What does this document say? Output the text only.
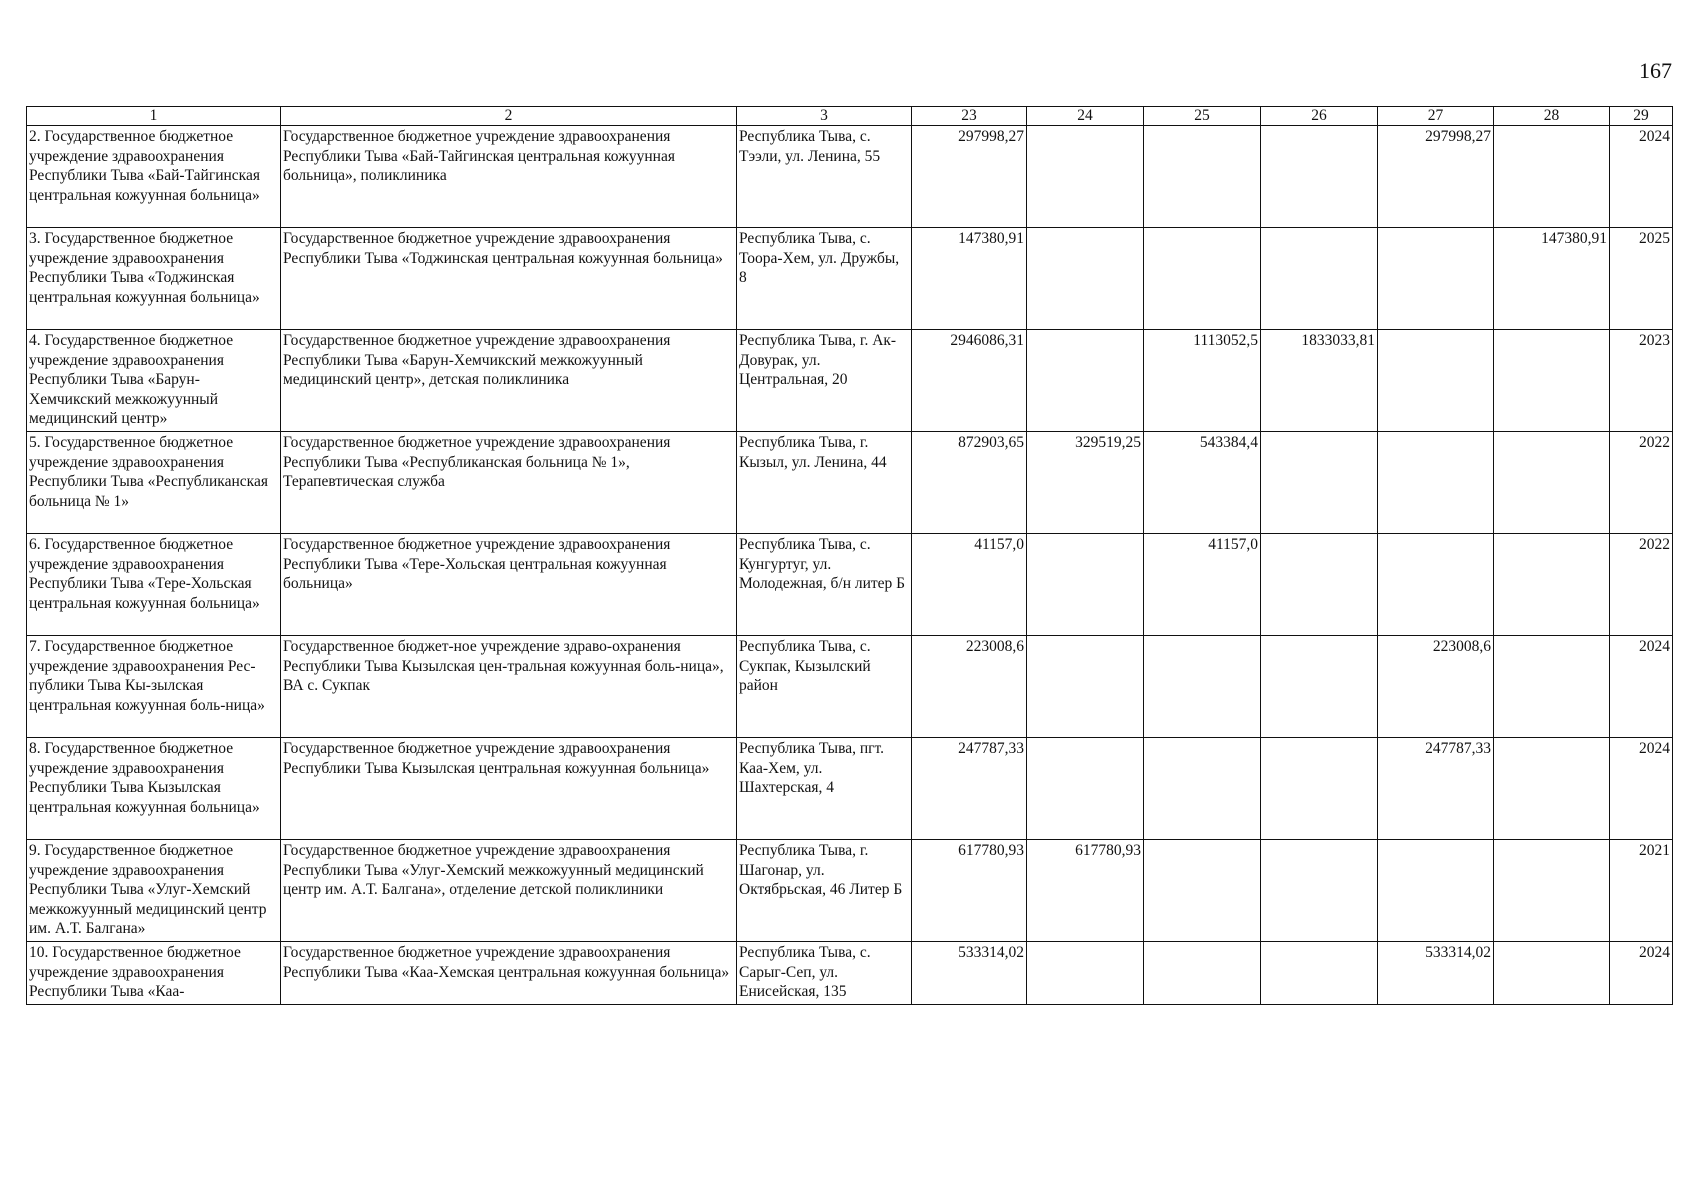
167
1	2	3	23	24	25	26	27	28	29
2. Государственное бюджетное учреждение здравоохранения Республики Тыва «Бай-Тайгинская центральная кожуунная больница»	Государственное бюджетное учреждение здравоохранения Республики Тыва «Бай-Тайгинская центральная кожуунная больница», поликлиника	Республика Тыва, с. Тээли, ул. Ленина, 55	297998,27				297998,27		2024
3. Государственное бюджетное учреждение здравоохранения Республики Тыва «Тоджинская центральная кожуунная больница»	Государственное бюджетное учреждение здравоохранения Республики Тыва «Тоджинская центральная кожуунная больница»	Республика Тыва, с. Тоора-Хем, ул. Дружбы, 8	147380,91					147380,91	2025
4. Государственное бюджетное учреждение здравоохранения Республики Тыва «Барун-Хемчикский межкожуунный медицинский центр»	Государственное бюджетное учреждение здравоохранения Республики Тыва «Барун-Хемчикский межкожуунный медицинский центр», детская поликлиника	Республика Тыва, г. Ак-Довурак, ул. Центральная, 20	2946086,31		1113052,5	1833033,81			2023
5. Государственное бюджетное учреждение здравоохранения Республики Тыва «Республиканская больница № 1»	Государственное бюджетное учреждение здравоохранения Республики Тыва «Республиканская больница № 1», Терапевтическая служба	Республика Тыва, г. Кызыл, ул. Ленина, 44	872903,65	329519,25	543384,4				2022
6. Государственное бюджетное учреждение здравоохранения Республики Тыва «Тере-Хольская центральная кожуунная больница»	Государственное бюджетное учреждение здравоохранения Республики Тыва «Тере-Хольская центральная кожуунная больница»	Республика Тыва, с. Кунгуртуг, ул. Молодежная, б/н литер Б	41157,0		41157,0				2022
7. Государственное бюджетное учреждение здравоохранения Рес-публики Тыва Кы-зылская центральная кожуунная боль-ница»	Государственное бюджет-ное учреждение здраво-охранения Республики Тыва Кызылская цен-тральная кожуунная боль-ница», ВА с. Сукпак	Республика Тыва, с. Сукпак, Кызылский район	223008,6				223008,6		2024
8. Государственное бюджетное учреждение здравоохранения Республики Тыва Кызылская центральная кожуунная больница»	Государственное бюджетное учреждение здравоохранения Республики Тыва Кызылская центральная кожуунная больница»	Республика Тыва, пгт. Каа-Хем, ул. Шахтерская, 4	247787,33				247787,33		2024
9. Государственное бюджетное учреждение здравоохранения Республики Тыва «Улуг-Хемский межкожуунный медицинский центр им. А.Т. Балгана»	Государственное бюджетное учреждение здравоохранения Республики Тыва «Улуг-Хемский межкожуунный медицинский центр им. А.Т. Балгана», отделение детской поликлиники	Республика Тыва, г. Шагонар, ул. Октябрьская, 46 Литер Б	617780,93	617780,93					2021
10. Государственное бюджетное учреждение здравоохранения Республики Тыва «Каа-	Государственное бюджетное учреждение здравоохранения Республики Тыва «Каа-Хемская центральная кожуунная больница»	Республика Тыва, с. Сарыг-Сеп, ул. Енисейская, 135	533314,02				533314,02		2024
